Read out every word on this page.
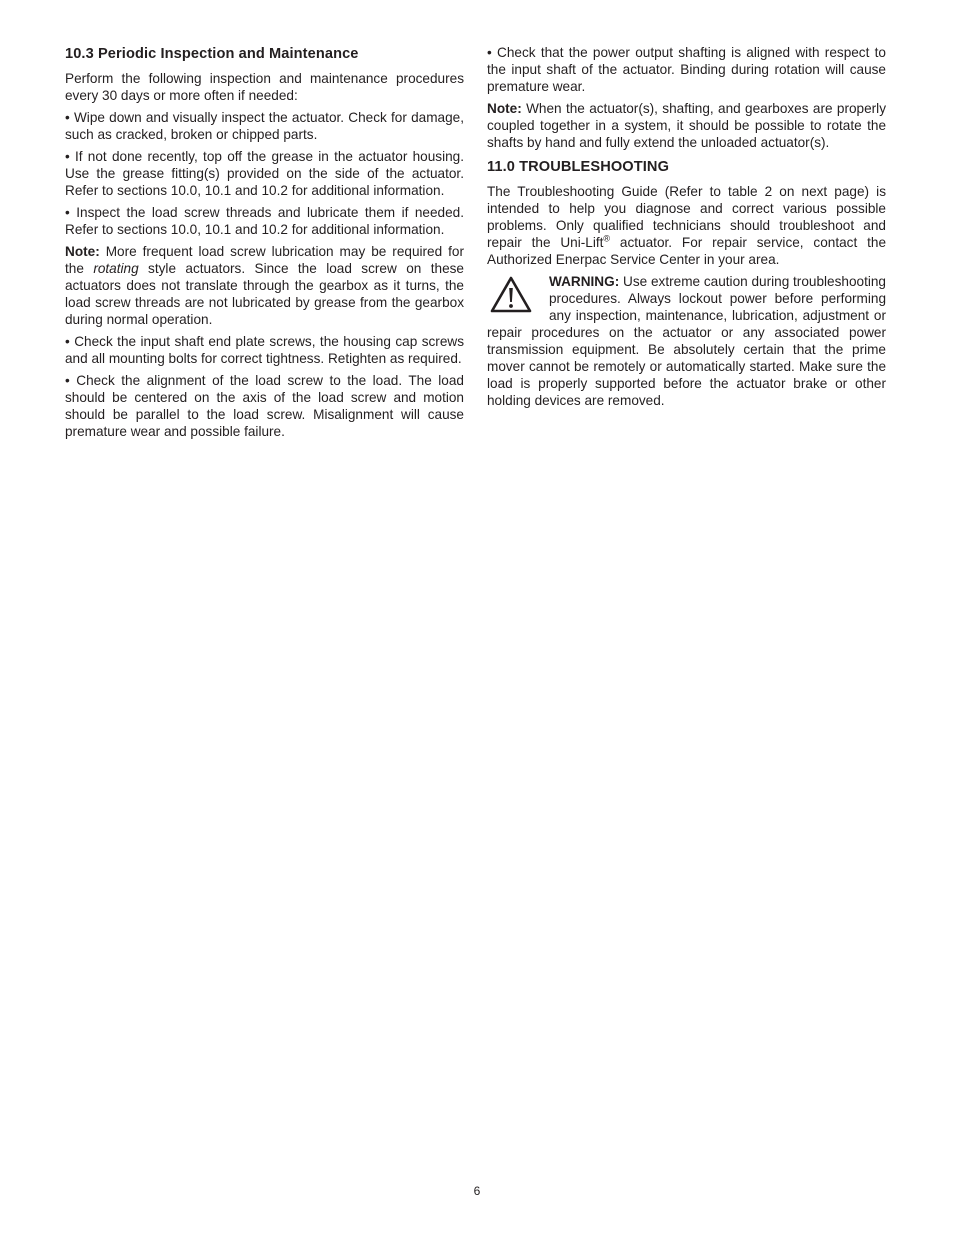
10.3 Periodic Inspection and Maintenance

Perform the following inspection and maintenance procedures every 30 days or more often if needed:

• Wipe down and visually inspect the actuator. Check for damage, such as cracked, broken or chipped parts.

• If not done recently, top off the grease in the actuator housing. Use the grease fitting(s) provided on the side of the actuator. Refer to sections 10.0, 10.1 and 10.2 for additional information.

• Inspect the load screw threads and lubricate them if needed. Refer to sections 10.0, 10.1 and 10.2 for additional information.

Note: More frequent load screw lubrication may be required for the rotating style actuators. Since the load screw on these actuators does not translate through the gearbox as it turns, the load screw threads are not lubricated by grease from the gearbox during normal operation.

• Check the input shaft end plate screws, the housing cap screws and all mounting bolts for correct tightness. Retighten as required.

• Check the alignment of the load screw to the load. The load should be centered on the axis of the load screw and motion should be parallel to the load screw. Misalignment will cause premature wear and possible failure.

• Check that the power output shafting is aligned with respect to the input shaft of the actuator. Binding during rotation will cause premature wear.

Note: When the actuator(s), shafting, and gearboxes are properly coupled together in a system, it should be possible to rotate the shafts by hand and fully extend the unloaded actuator(s).

11.0 TROUBLESHOOTING

The Troubleshooting Guide (Refer to table 2 on next page) is intended to help you diagnose and correct various possible problems. Only qualified technicians should troubleshoot and repair the Uni-Lift® actuator. For repair service, contact the Authorized Enerpac Service Center in your area.

WARNING: Use extreme caution during troubleshooting procedures. Always lockout power before performing any inspection, maintenance, lubrication, adjustment or repair procedures on the actuator or any associated power transmission equipment. Be absolutely certain that the prime mover cannot be remotely or automatically started. Make sure the load is properly supported before the actuator brake or other holding devices are removed.

6
